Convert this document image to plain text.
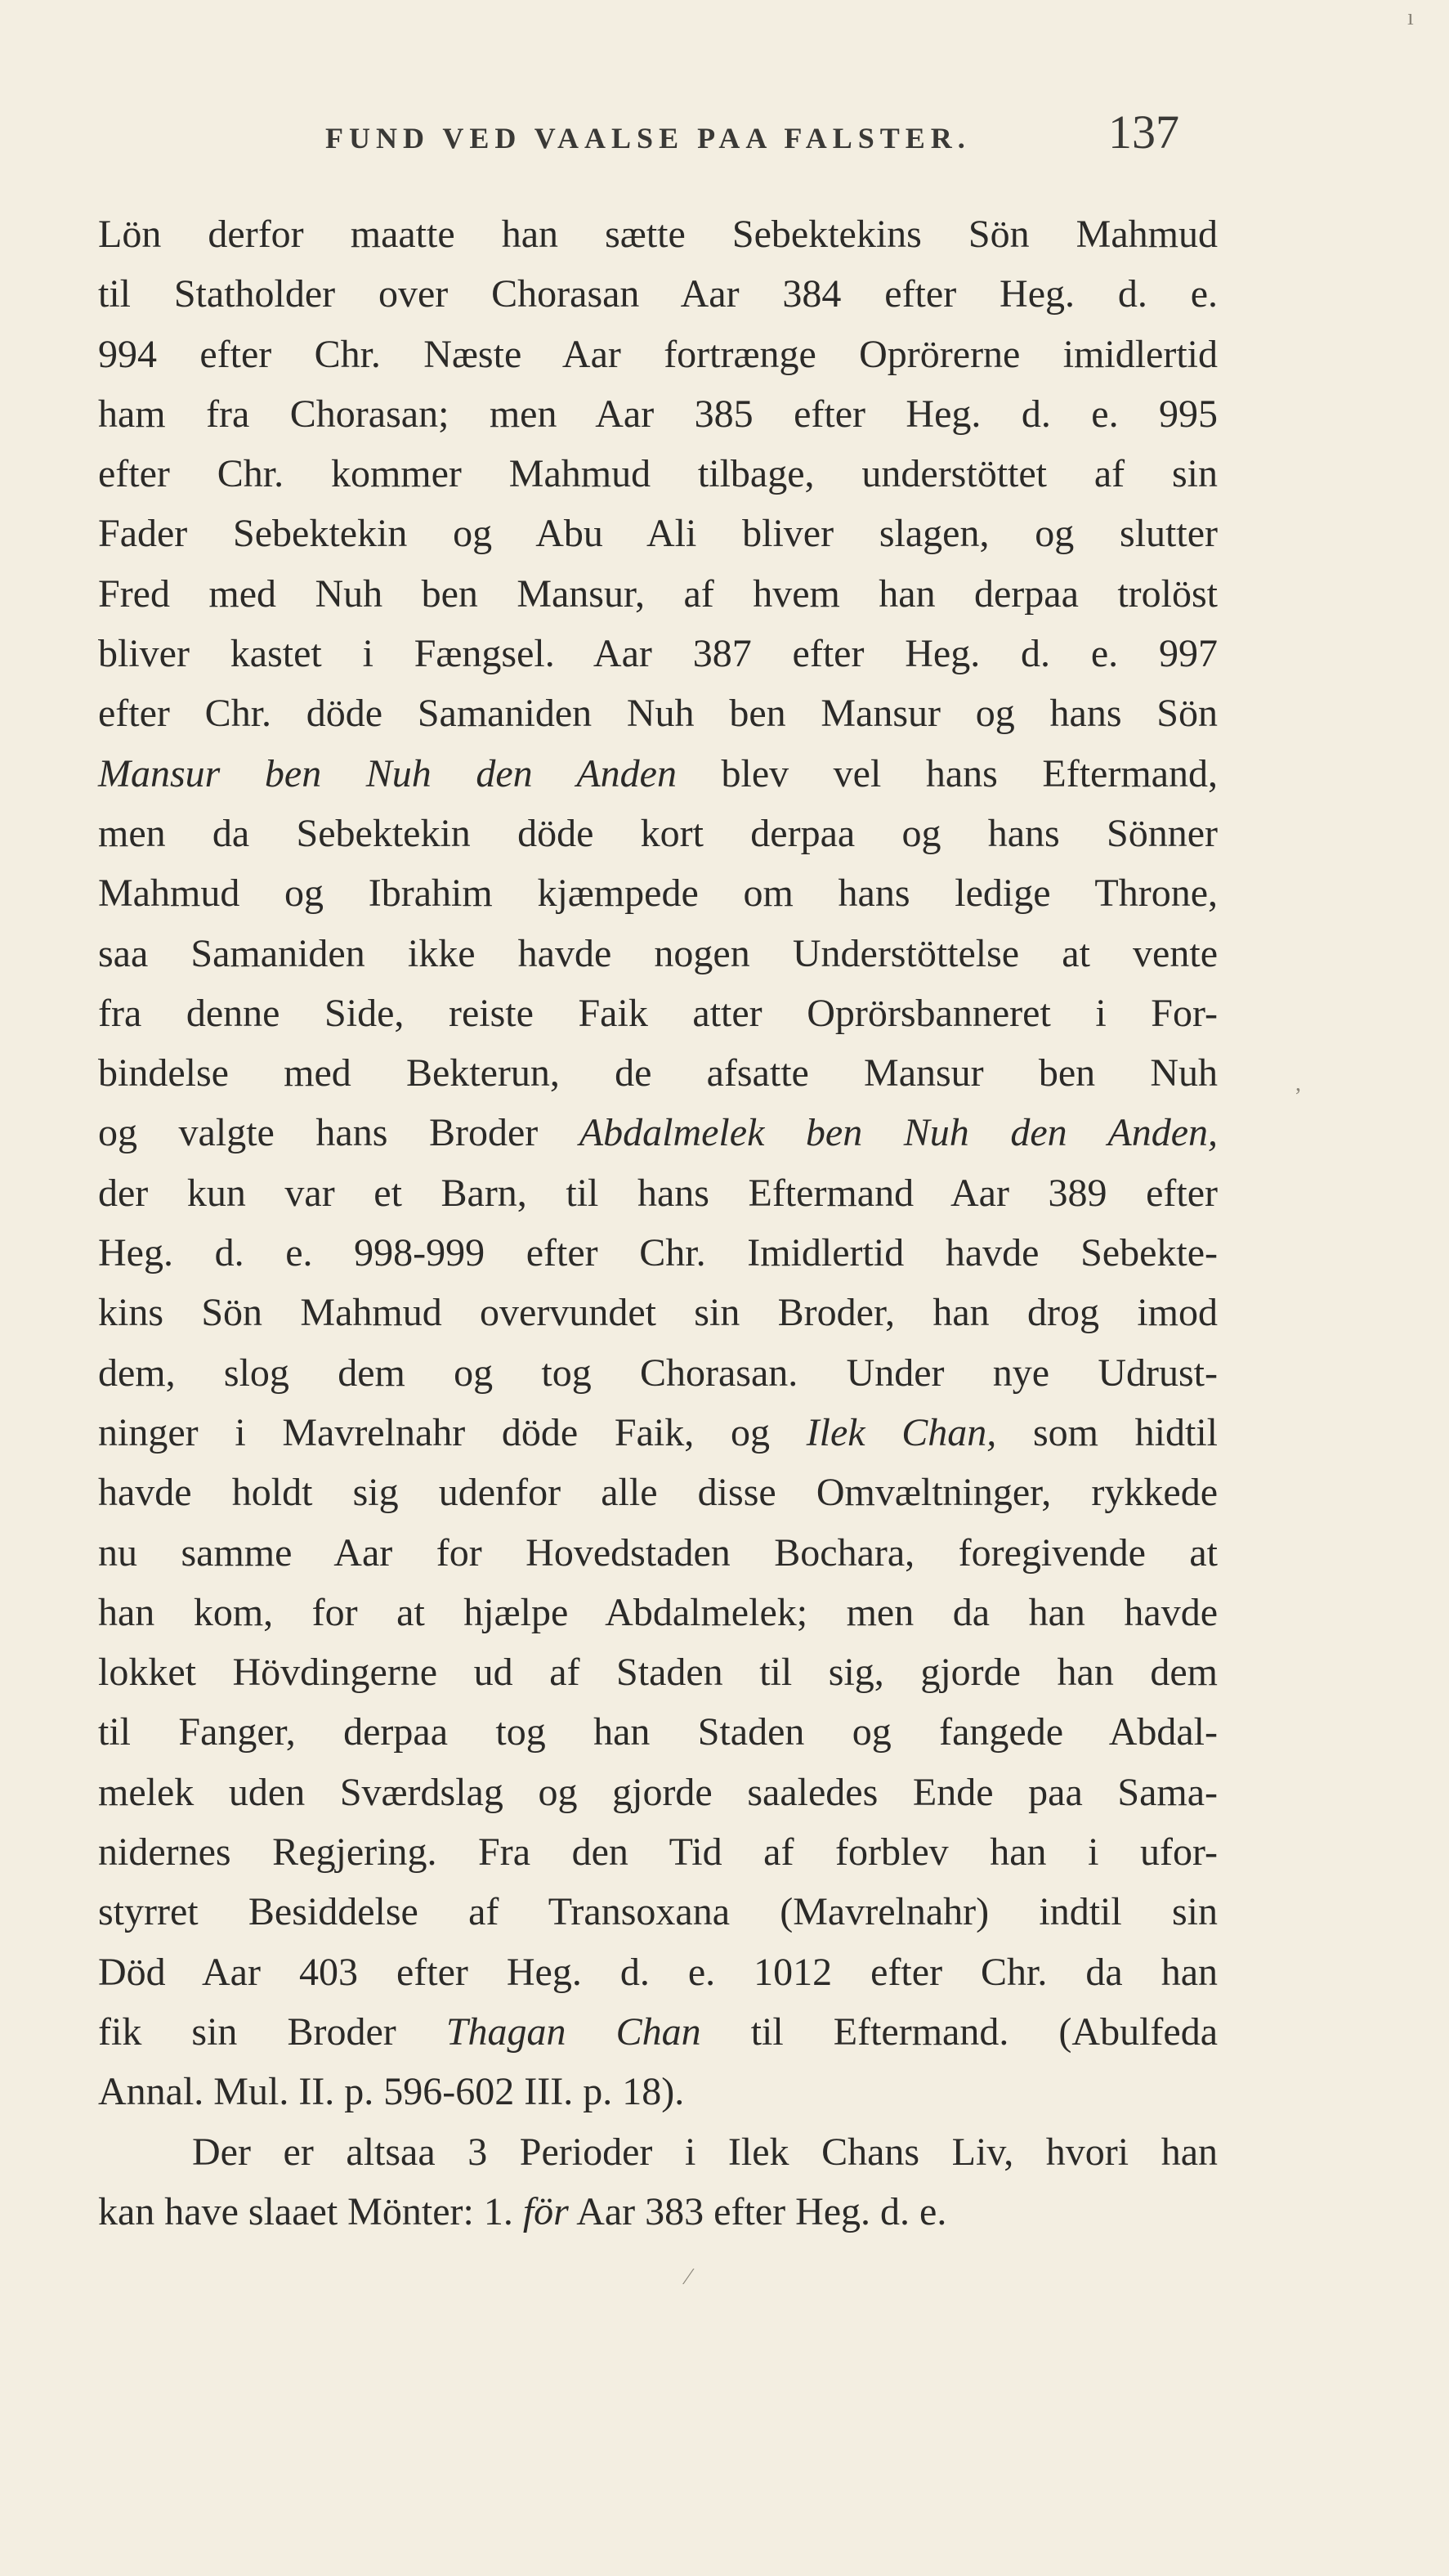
FUND VED VAALSE PAA FALSTER.	137
Lön derfor maatte han sætte Sebektekins Sön Mahmud
til Statholder over Chorasan Aar 384 efter Heg. d. e.
994 efter Chr. Næste Aar fortrænge Oprörerne imidlertid
ham fra Chorasan; men Aar 385 efter Heg. d. e. 995
efter Chr. kommer Mahmud tilbage, understöttet af sin
Fader Sebektekin og Abu Ali bliver slagen, og slutter
Fred med Nuh ben Mansur, af hvem han derpaa trolöst
bliver kastet i Fængsel. Aar 387 efter Heg. d. e. 997
efter Chr. döde Samaniden Nuh ben Mansur og hans Sön
Mansur ben Nuh den Anden blev vel hans Eftermand,
men da Sebektekin döde kort derpaa og hans Sönner
Mahmud og Ibrahim kjæmpede om hans ledige Throne,
saa Samaniden ikke havde nogen Understöttelse at vente
fra denne Side, reiste Faik atter Oprörsbanneret i For-
bindelse med Bekterun, de afsatte Mansur ben Nuh
og valgte hans Broder Abdalmelek ben Nuh den Anden,
der kun var et Barn, til hans Eftermand Aar 389 efter
Heg. d. e. 998-999 efter Chr. Imidlertid havde Sebekte-
kins Sön Mahmud overvundet sin Broder, han drog imod
dem, slog dem og tog Chorasan. Under nye Udrust-
ninger i Mavrelnahr döde Faik, og Ilek Chan, som hidtil
havde holdt sig udenfor alle disse Omvæltninger, rykkede
nu samme Aar for Hovedstaden Bochara, foregivende at
han kom, for at hjælpe Abdalmelek; men da han havde
lokket Hövdingerne ud af Staden til sig, gjorde han dem
til Fanger, derpaa tog han Staden og fangede Abdal-
melek uden Sværdslag og gjorde saaledes Ende paa Sama-
nidernes Regjering. Fra den Tid af forblev han i ufor-
styrret Besiddelse af Transoxana (Mavrelnahr) indtil sin
Död Aar 403 efter Heg. d. e. 1012 efter Chr. da han
fik sin Broder Thagan Chan til Eftermand. (Abulfeda
Annal. Mul. II. p. 596-602 III. p. 18).
Der er altsaa 3 Perioder i Ilek Chans Liv, hvori han
kan have slaaet Mönter: 1. för Aar 383 efter Heg. d. e.
ı
,
⁄
